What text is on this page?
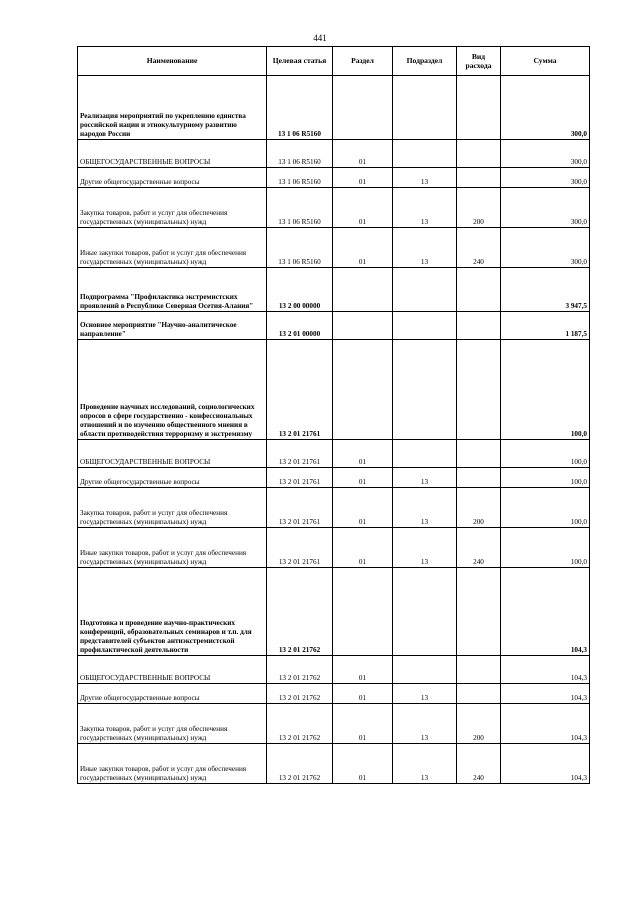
441
Наименование	Целевая статья	Раздел	Подраздел	Вид расхода	Сумма
Реализация мероприятий по укреплению единства российской нации и этнокультурному развитию народов России	13 1 06 R5160				300,0
ОБЩЕГОСУДАРСТВЕННЫЕ ВОПРОСЫ	13 1 06 R5160	01			300,0
Другие общегосударственные вопросы	13 1 06 R5160	01	13		300,0
Закупка товаров, работ и услуг для обеспечения государственных (муниципальных) нужд	13 1 06 R5160	01	13	200	300,0
Иные закупки товаров, работ и услуг для обеспечения государственных (муниципальных) нужд	13 1 06 R5160	01	13	240	300,0
Подпрограмма "Профилактика экстремистских проявлений в Республике Северная Осетия-Алания"	13 2 00 00000				3 947,5
Основное мероприятие "Научно-аналитическое направление"	13 2 01 00000				1 187,5
Проведение научных исследований, социологических опросов в сфере государственно - конфессиональных отношений и по изучению общественного мнения в области противодействия терроризму и экстремизму	13 2 01 21761				100,0
ОБЩЕГОСУДАРСТВЕННЫЕ ВОПРОСЫ	13 2 01 21761	01			100,0
Другие общегосударственные вопросы	13 2 01 21761	01	13		100,0
Закупка товаров, работ и услуг для обеспечения государственных (муниципальных) нужд	13 2 01 21761	01	13	200	100,0
Иные закупки товаров, работ и услуг для обеспечения государственных (муниципальных) нужд	13 2 01 21761	01	13	240	100,0
Подготовка и проведение научно-практических конференций, образовательных семинаров и т.п. для представителей субъектов антиэкстремистской профилактической деятельности	13 2 01 21762				104,3
ОБЩЕГОСУДАРСТВЕННЫЕ ВОПРОСЫ	13 2 01 21762	01			104,3
Другие общегосударственные вопросы	13 2 01 21762	01	13		104,3
Закупка товаров, работ и услуг для обеспечения государственных (муниципальных) нужд	13 2 01 21762	01	13	200	104,3
Иные закупки товаров, работ и услуг для обеспечения государственных (муниципальных) нужд	13 2 01 21762	01	13	240	104,3
